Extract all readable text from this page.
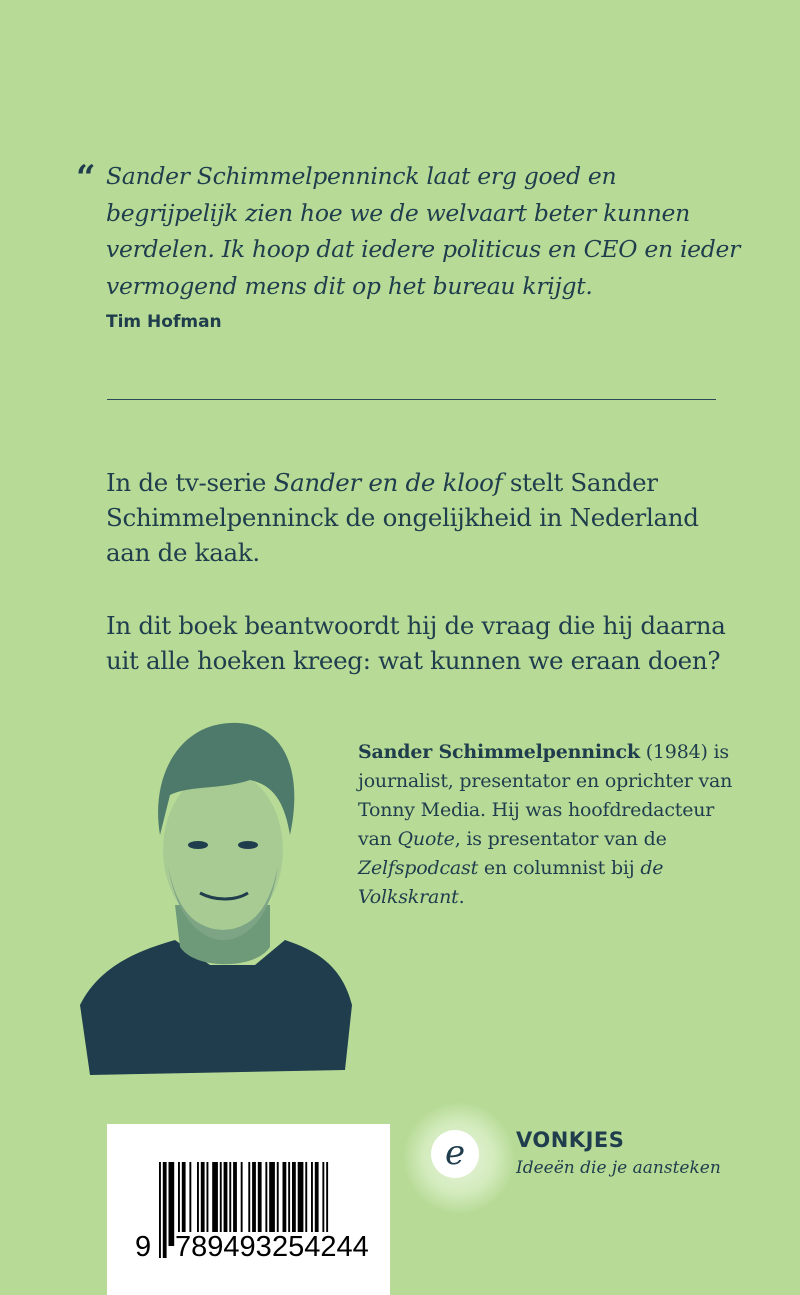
“ Sander Schimmelpenninck laat erg goed en begrijpelijk zien hoe we de welvaart beter kunnen verdelen. Ik hoop dat iedere politicus en CEO en ieder vermogend mens dit op het bureau krijgt.
Tim Hofman
In de tv-serie Sander en de kloof stelt Sander Schimmelpenninck de ongelijkheid in Nederland aan de kaak.
In dit boek beantwoordt hij de vraag die hij daarna uit alle hoeken kreeg: wat kunnen we eraan doen?
Sander Schimmelpenninck (1984) is journalist, presentator en oprichter van Tonny Media. Hij was hoofdredacteur van Quote, is presentator van de Zelfspodcast en columnist bij de Volkskrant.
9 789493 254244
e	VONKJES
Ideeën die je aansteken
